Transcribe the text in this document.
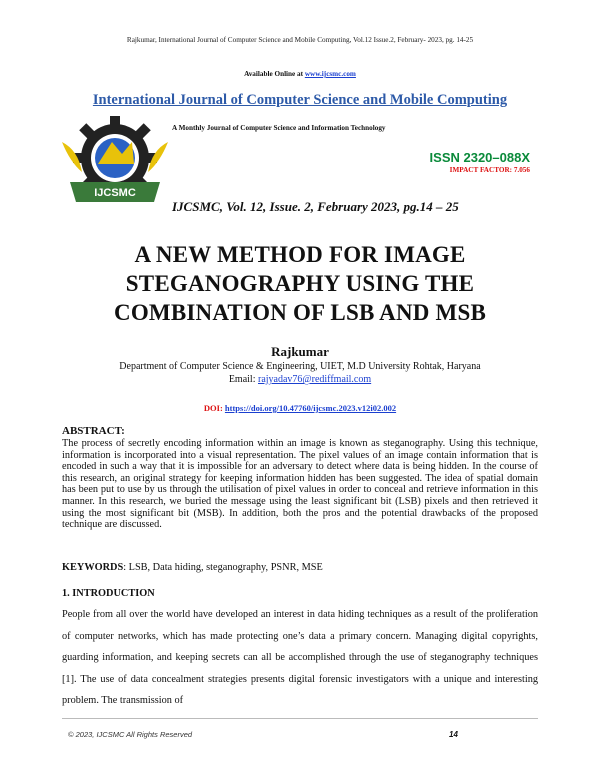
Rajkumar, International Journal of Computer Science and Mobile Computing, Vol.12 Issue.2, February- 2023, pg. 14-25
Available Online at www.ijcsmc.com
International Journal of Computer Science and Mobile Computing
IJCSMC
A Monthly Journal of Computer Science and Information Technology
ISSN 2320–088X
IMPACT FACTOR: 7.056
IJCSMC, Vol. 12, Issue. 2, February 2023, pg.14 – 25
A NEW METHOD FOR IMAGE
STEGANOGRAPHY USING THE
COMBINATION OF LSB AND MSB
Rajkumar
Department of Computer Science & Engineering, UIET, M.D University Rohtak, Haryana
Email: rajyadav76@rediffmail.com
DOI: https://doi.org/10.47760/ijcsmc.2023.v12i02.002
ABSTRACT:
The process of secretly encoding information within an image is known as steganography. Using this technique, information is incorporated into a visual representation. The pixel values of an image contain information that is encoded in such a way that it is impossible for an adversary to detect where data is being hidden. In the course of this research, an original strategy for keeping information hidden has been suggested. The idea of spatial domain has been put to use by us through the utilisation of pixel values in order to conceal and retrieve information in this manner. In this research, we buried the message using the least significant bit (LSB) pixels and then retrieved it using the most significant bit (MSB). In addition, both the pros and the potential drawbacks of the proposed technique are discussed.
KEYWORDS: LSB, Data hiding, steganography, PSNR, MSE
1. INTRODUCTION
People from all over the world have developed an interest in data hiding techniques as a result of the proliferation of computer networks, which has made protecting one’s data a primary concern. Managing digital copyrights, guarding information, and keeping secrets can all be accomplished through the use of steganography techniques [1]. The use of data concealment strategies presents digital forensic investigators with a unique and interesting problem. The transmission of
© 2023, IJCSMC All Rights Reserved	14
